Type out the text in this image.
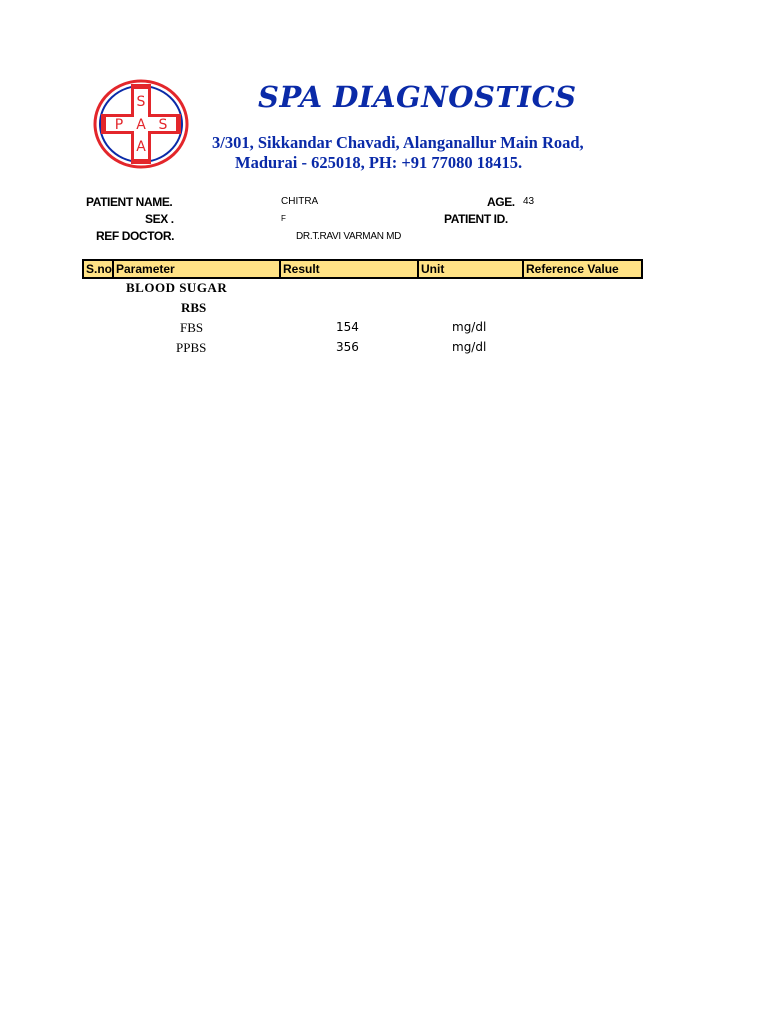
S
P A S
A
SPA DIAGNOSTICS
3/301, Sikkandar Chavadi, Alanganallur Main Road,
Madurai - 625018, PH: +91 77080 18415.
PATIENT NAME.	CHITRA	AGE. 43
SEX .	F	PATIENT ID.
REF DOCTOR.	DR.T.RAVI VARMAN MD
S.no Parameter	Result	Unit	Reference Value
BLOOD SUGAR
RBS
FBS	154	mg/dl
PPBS	356	mg/dl
